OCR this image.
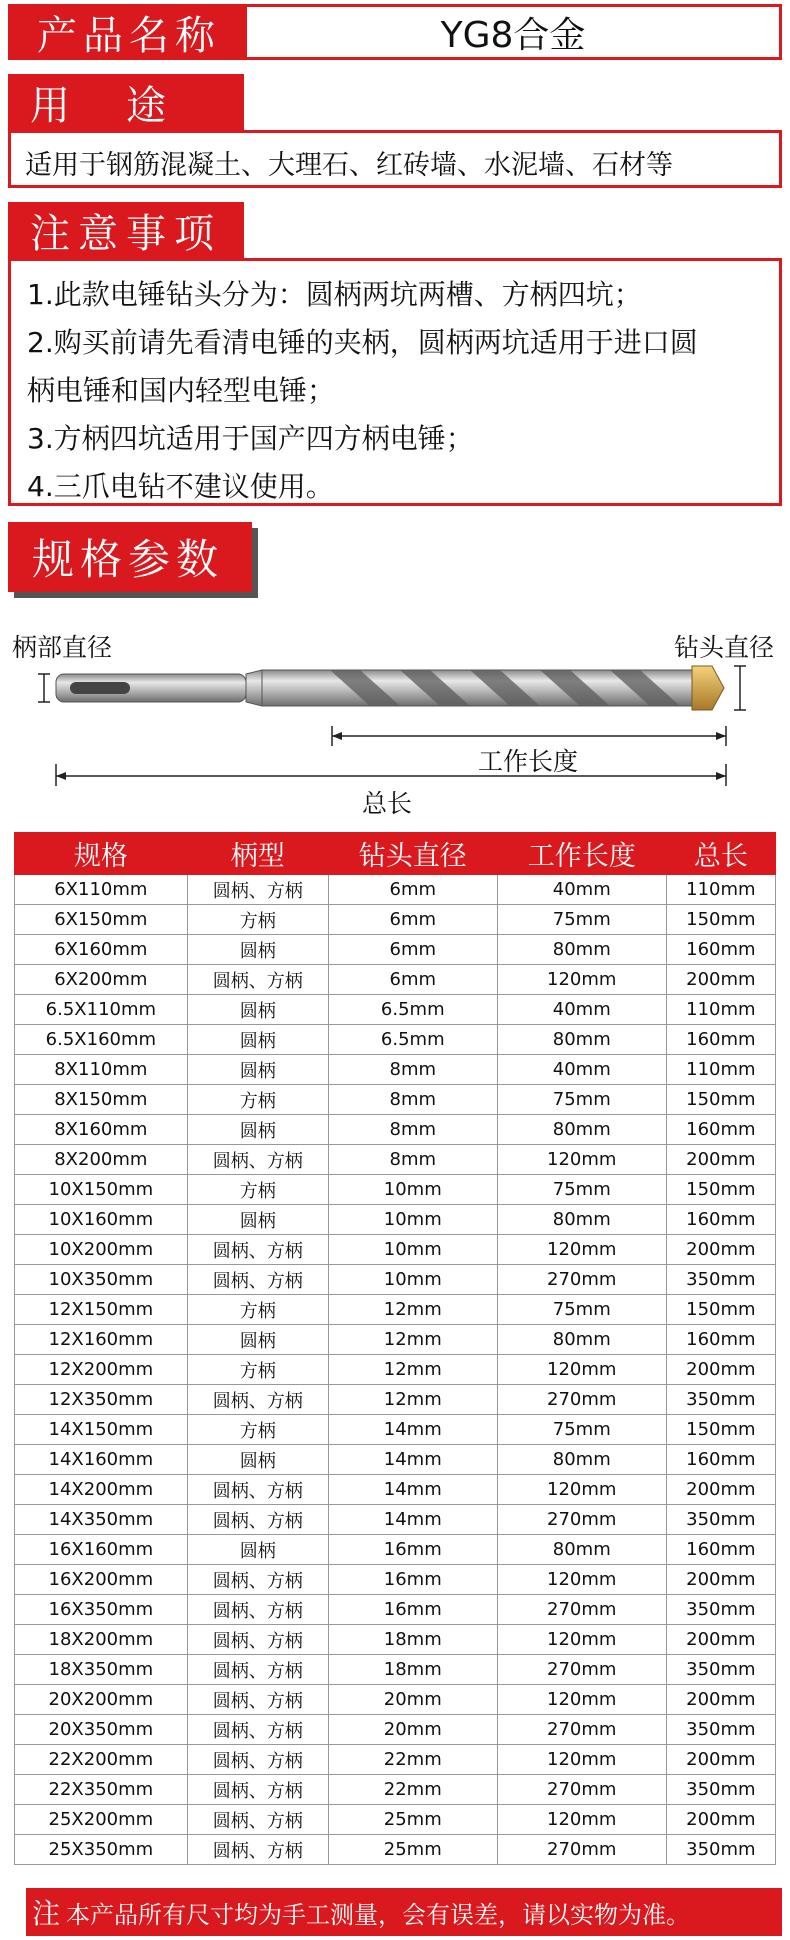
产品名称	YG8合金
用　途
适用于钢筋混凝土、大理石、红砖墙、水泥墙、石材等
注意事项

1.此款电锤钻头分为：圆柄两坑两槽、方柄四坑；

2.购买前请先看清电锤的夹柄，圆柄两坑适用于进口圆

柄电锤和国内轻型电锤；

3.方柄四坑适用于国产四方柄电锤；

4.三爪电钻不建议使用。

规格参数
柄部直径	钻头直径
工作长度
总长
规格	柄型	钻头直径	工作长度	总长
6X110mm	圆柄、方柄	6mm	40mm	110mm
6X150mm	方柄	6mm	75mm	150mm
6X160mm	圆柄	6mm	80mm	160mm
6X200mm	圆柄、方柄	6mm	120mm	200mm
6.5X110mm	圆柄	6.5mm	40mm	110mm
6.5X160mm	圆柄	6.5mm	80mm	160mm
8X110mm	圆柄	8mm	40mm	110mm
8X150mm	方柄	8mm	75mm	150mm
8X160mm	圆柄	8mm	80mm	160mm
8X200mm	圆柄、方柄	8mm	120mm	200mm
10X150mm	方柄	10mm	75mm	150mm
10X160mm	圆柄	10mm	80mm	160mm
10X200mm	圆柄、方柄	10mm	120mm	200mm
10X350mm	圆柄、方柄	10mm	270mm	350mm
12X150mm	方柄	12mm	75mm	150mm
12X160mm	圆柄	12mm	80mm	160mm
12X200mm	方柄	12mm	120mm	200mm
12X350mm	圆柄、方柄	12mm	270mm	350mm
14X150mm	方柄	14mm	75mm	150mm
14X160mm	圆柄	14mm	80mm	160mm
14X200mm	圆柄、方柄	14mm	120mm	200mm
14X350mm	圆柄、方柄	14mm	270mm	350mm
16X160mm	圆柄	16mm	80mm	160mm
16X200mm	圆柄、方柄	16mm	120mm	200mm
16X350mm	圆柄、方柄	16mm	270mm	350mm
18X200mm	圆柄、方柄	18mm	120mm	200mm
18X350mm	圆柄、方柄	18mm	270mm	350mm
20X200mm	圆柄、方柄	20mm	120mm	200mm
20X350mm	圆柄、方柄	20mm	270mm	350mm
22X200mm	圆柄、方柄	22mm	120mm	200mm
22X350mm	圆柄、方柄	22mm	270mm	350mm
25X200mm	圆柄、方柄	25mm	120mm	200mm
25X350mm	圆柄、方柄	25mm	270mm	350mm
注 本产品所有尺寸均为手工测量，会有误差，请以实物为准。
